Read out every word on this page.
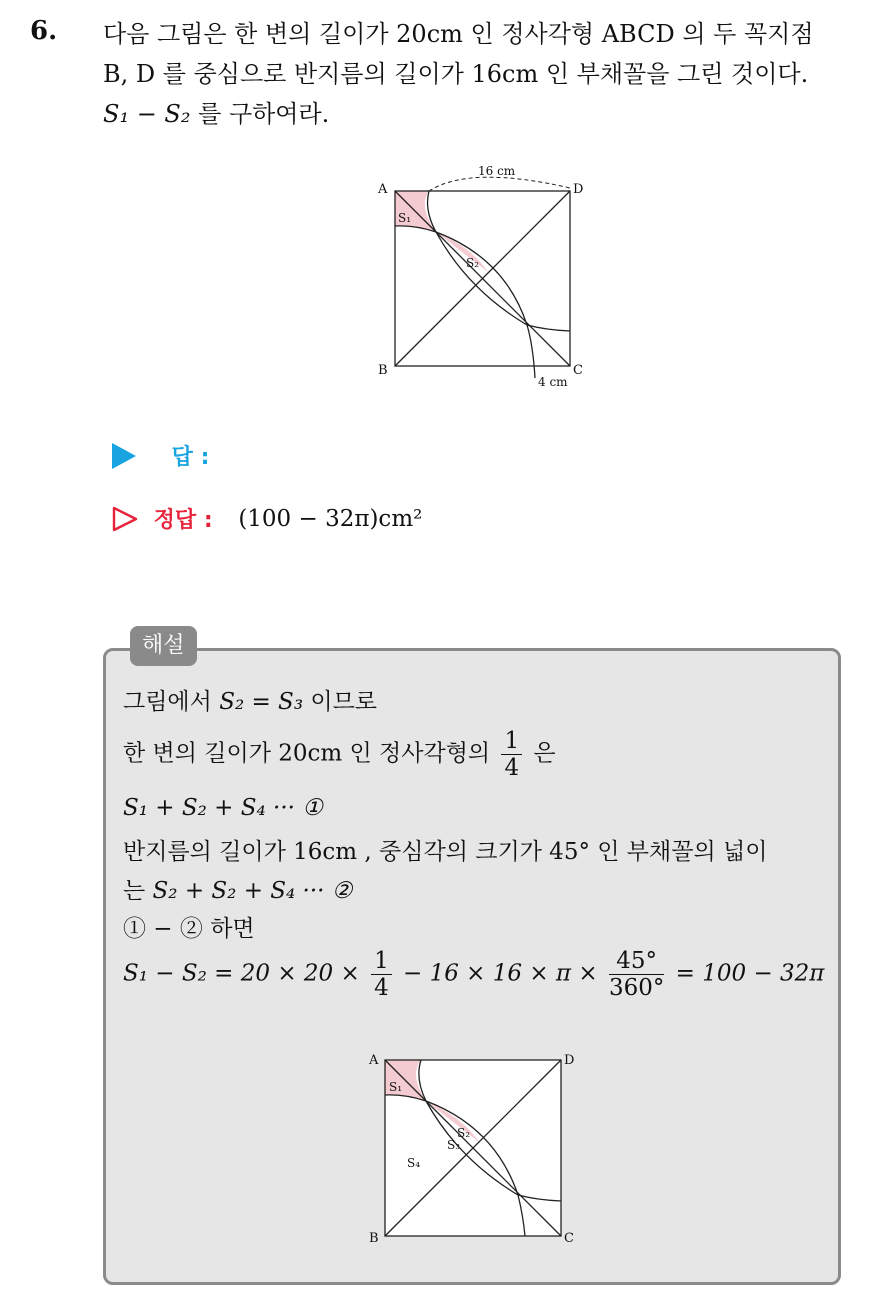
6. 다음 그림은 한 변의 길이가 20cm 인 정사각형 ABCD 의 두 꼭지점
B, D 를 중심으로 반지름의 길이가 16cm 인 부채꼴을 그린 것이다.
S₁ − S₂ 를 구하여라.
A
B	C
D
S₁
S₂
16 cm
4 cm
답 :
정답 : (100 − 32π)cm²
해설
그림에서 S₂ = S₃ 이므로
한 변의 길이가 20cm 인 정사각형의 $\frac{1}{4}$ 은
S₁ + S₂ + S₄ ··· ①
반지름의 길이가 16cm , 중심각의 크기가 45° 인 부채꼴의 넓이
는 S₂ + S₂ + S₄ ··· ②
① − ② 하면
$S_1 - S_2 = 20 \times 20 \times \frac{1}{4} - 16 \times 16 \times \pi \times \frac{45^\circ}{360^\circ} = 100 - 32\pi$
A
B	C
D
S₁
S₂
S₃
S₄
